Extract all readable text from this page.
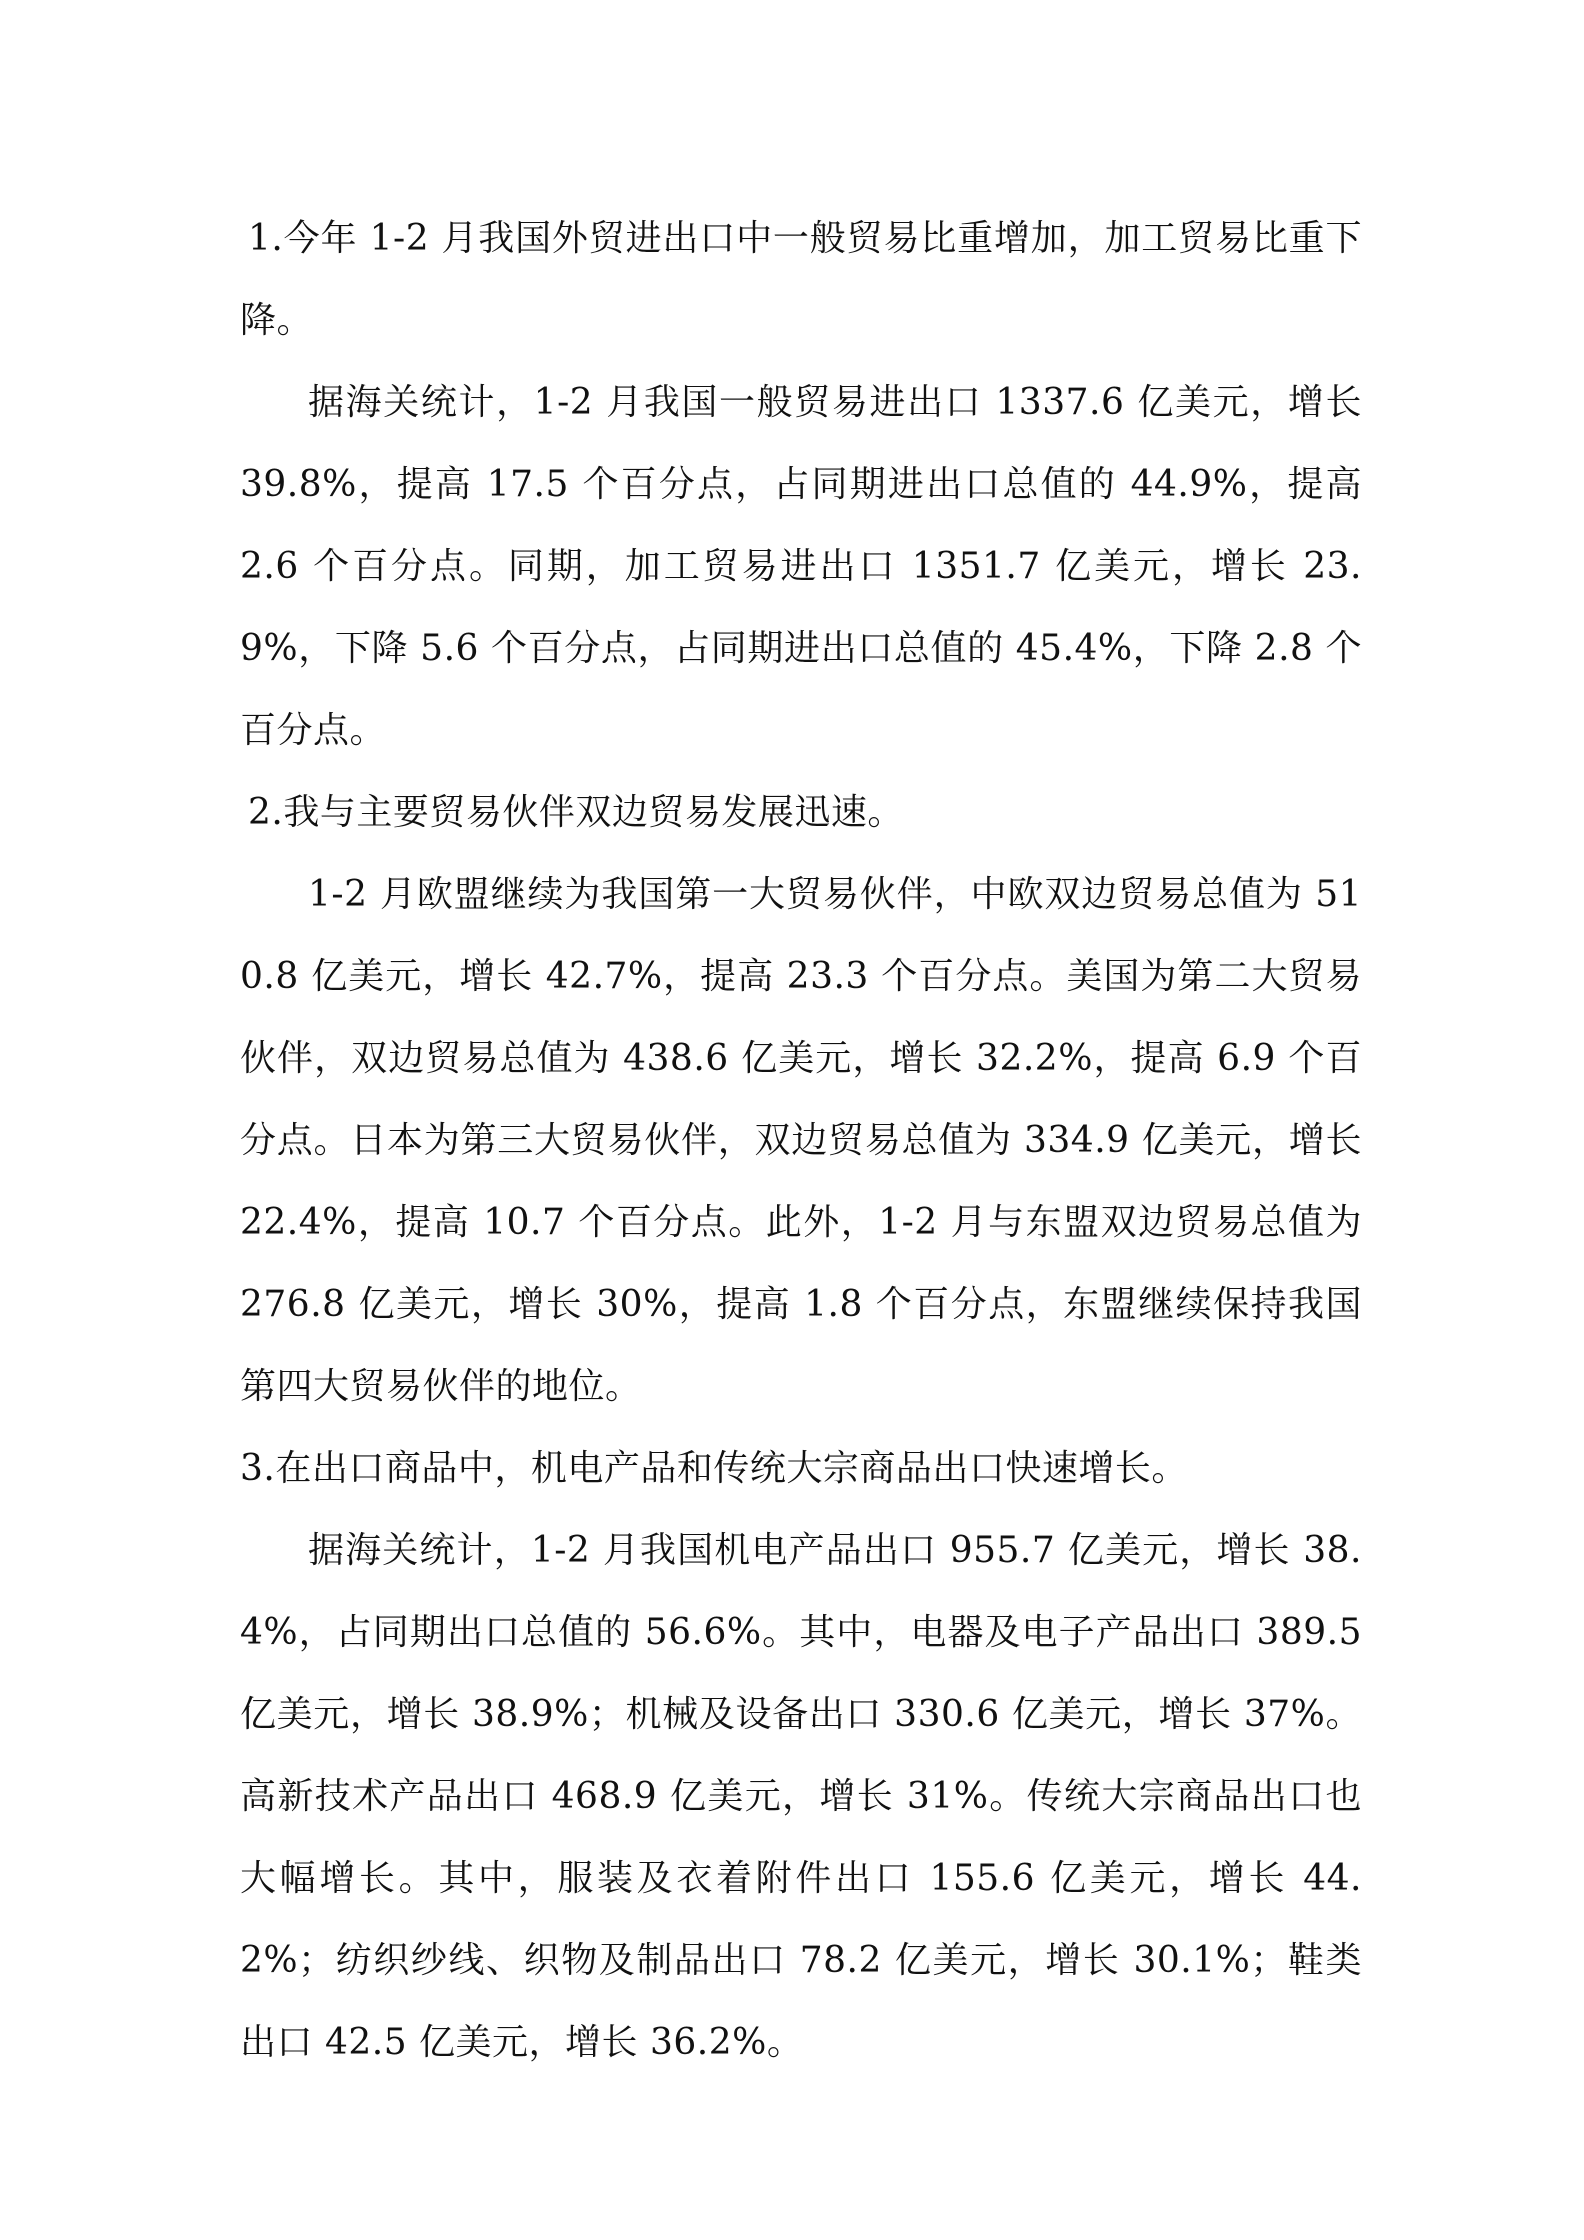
1.今年 1-2 月我国外贸进出口中一般贸易比重增加，加工贸易比重下降。

据海关统计，1-2 月我国一般贸易进出口 1337.6 亿美元，增长 39.8%，提高 17.5 个百分点，占同期进出口总值的 44.9%，提高 2.6 个百分点。同期，加工贸易进出口 1351.7 亿美元，增长 23.9%，下降 5.6 个百分点，占同期进出口总值的 45.4%，下降 2.8 个百分点。

2.我与主要贸易伙伴双边贸易发展迅速。

1-2 月欧盟继续为我国第一大贸易伙伴，中欧双边贸易总值为 510.8 亿美元，增长 42.7%，提高 23.3 个百分点。美国为第二大贸易伙伴，双边贸易总值为 438.6 亿美元，增长 32.2%，提高 6.9 个百分点。日本为第三大贸易伙伴，双边贸易总值为 334.9 亿美元，增长 22.4%，提高 10.7 个百分点。此外，1-2 月与东盟双边贸易总值为 276.8 亿美元，增长 30%，提高 1.8 个百分点，东盟继续保持我国第四大贸易伙伴的地位。

3.在出口商品中，机电产品和传统大宗商品出口快速增长。

据海关统计，1-2 月我国机电产品出口 955.7 亿美元，增长 38.4%，占同期出口总值的 56.6%。其中，电器及电子产品出口 389.5 亿美元，增长 38.9%；机械及设备出口 330.6 亿美元，增长 37%。高新技术产品出口 468.9 亿美元，增长 31%。传统大宗商品出口也大幅增长。其中，服装及衣着附件出口 155.6 亿美元，增长 44.2%；纺织纱线、织物及制品出口 78.2 亿美元，增长 30.1%；鞋类出口 42.5 亿美元，增长 36.2%。
